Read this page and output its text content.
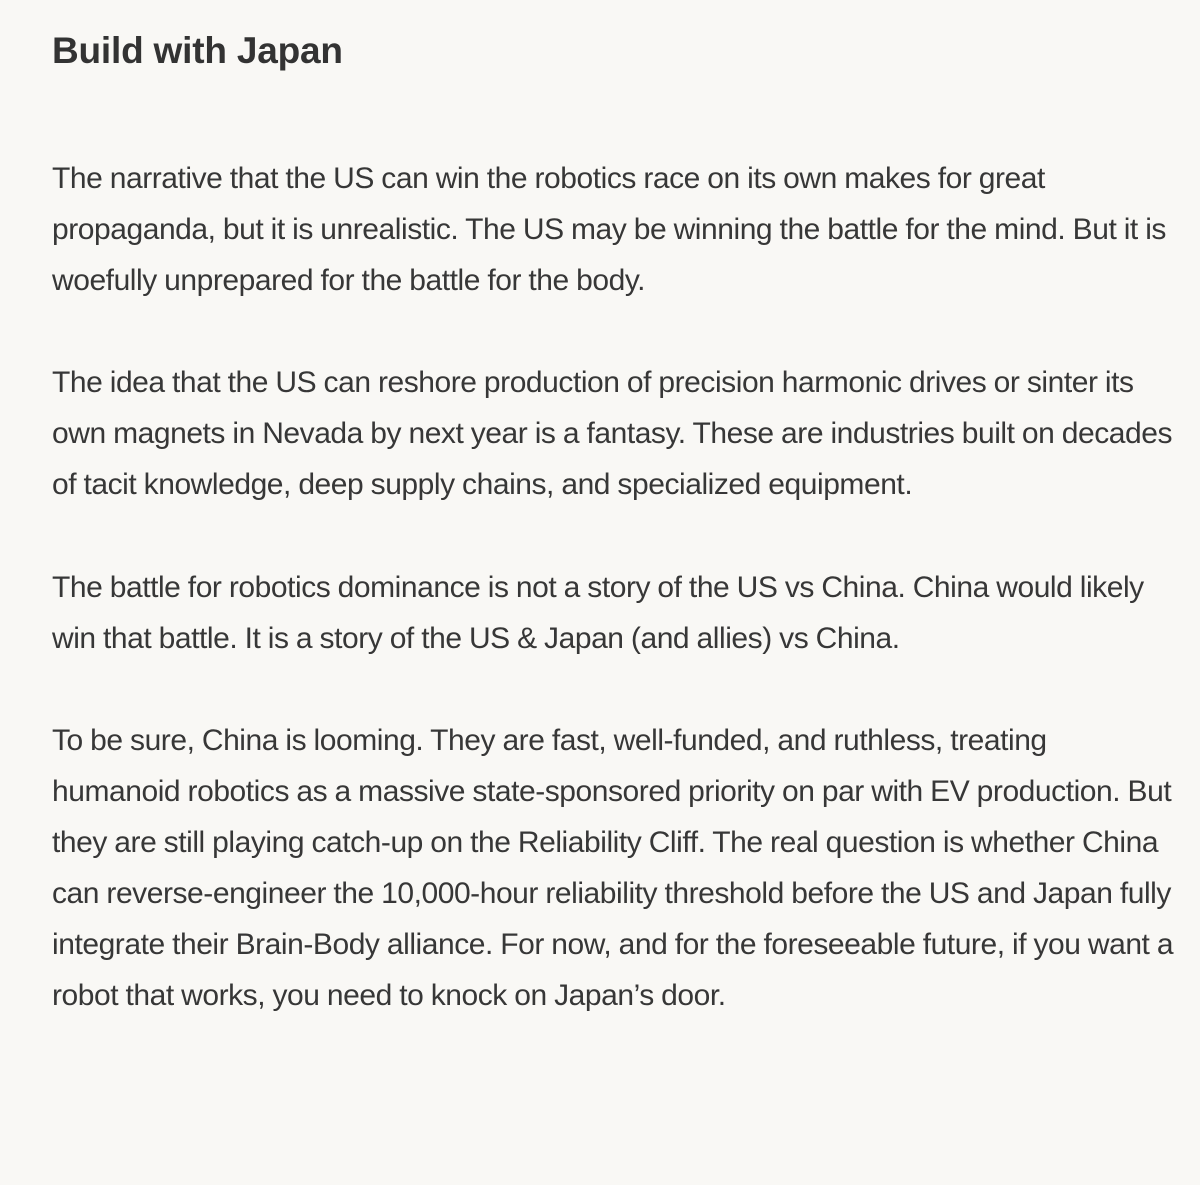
Build with Japan

The narrative that the US can win the robotics race on its own makes for great propaganda, but it is unrealistic. The US may be winning the battle for the mind. But it is woefully unprepared for the battle for the body.

The idea that the US can reshore production of precision harmonic drives or sinter its own magnets in Nevada by next year is a fantasy. These are industries built on decades of tacit knowledge, deep supply chains, and specialized equipment.

The battle for robotics dominance is not a story of the US vs China. China would likely win that battle. It is a story of the US & Japan (and allies) vs China.

To be sure, China is looming. They are fast, well-funded, and ruthless, treating humanoid robotics as a massive state-sponsored priority on par with EV production. But they are still playing catch-up on the Reliability Cliff. The real question is whether China can reverse-engineer the 10,000-hour reliability threshold before the US and Japan fully integrate their Brain-Body alliance. For now, and for the foreseeable future, if you want a robot that works, you need to knock on Japan’s door.
